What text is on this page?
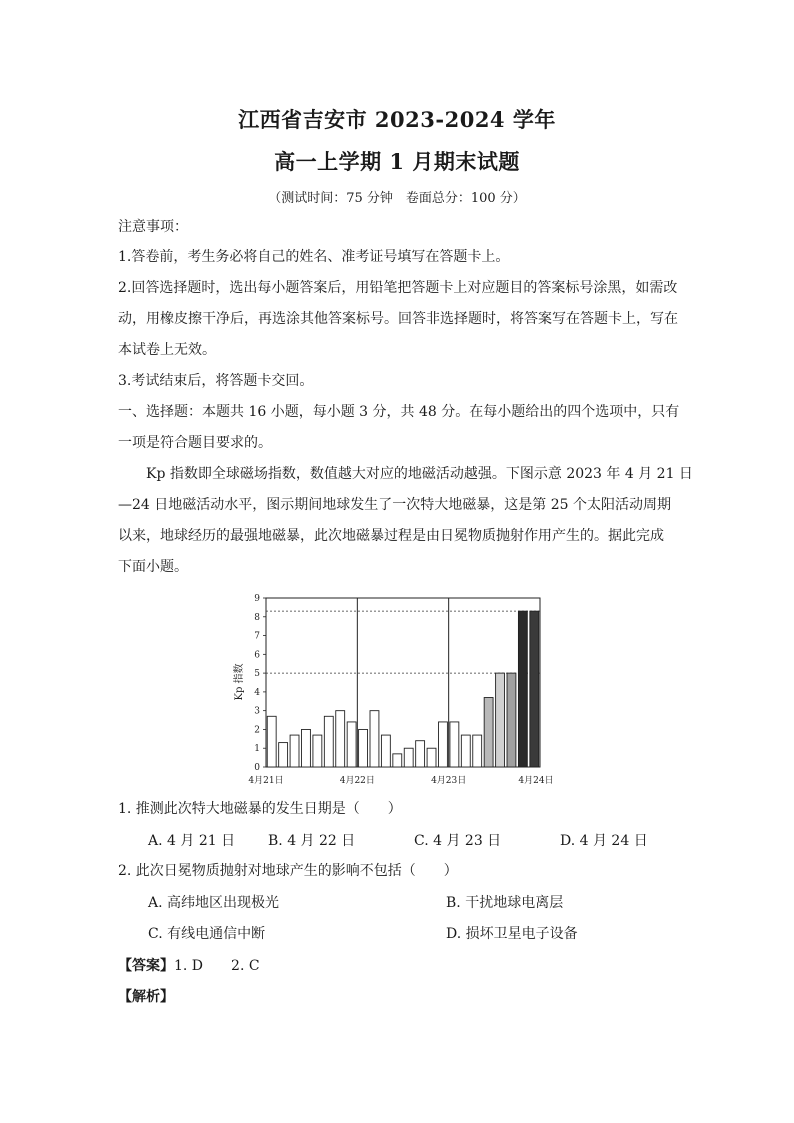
江西省吉安市 2023-2024 学年
高一上学期 1 月期末试题
（测试时间：75 分钟　卷面总分：100 分）
注意事项：
1.答卷前，考生务必将自己的姓名、准考证号填写在答题卡上。
2.回答选择题时，选出每小题答案后，用铅笔把答题卡上对应题目的答案标号涂黑，如需改
动，用橡皮擦干净后，再选涂其他答案标号。回答非选择题时，将答案写在答题卡上，写在
本试卷上无效。
3.考试结束后，将答题卡交回。
一、选择题：本题共 16 小题，每小题 3 分，共 48 分。在每小题给出的四个选项中，只有
一项是符合题目要求的。
Kp 指数即全球磁场指数，数值越大对应的地磁活动越强。下图示意 2023 年 4 月 21 日
—24 日地磁活动水平，图示期间地球发生了一次特大地磁暴，这是第 25 个太阳活动周期
以来，地球经历的最强地磁暴，此次地磁暴过程是由日冕物质抛射作用产生的。据此完成
下面小题。
0
1
2
3
4
5
6
7
8
9
Kp 指数
4月21日	4月22日	4月23日	4月24日
1. 推测此次特大地磁暴的发生日期是（　　）
A. 4 月 21 日 B. 4 月 22 日	C. 4 月 23 日	D. 4 月 24 日
2. 此次日冕物质抛射对地球产生的影响不包括（　　）
A. 高纬地区出现极光	B. 干扰地球电离层
C. 有线电通信中断	D. 损坏卫星电子设备
【答案】1. D　　2. C
【解析】
